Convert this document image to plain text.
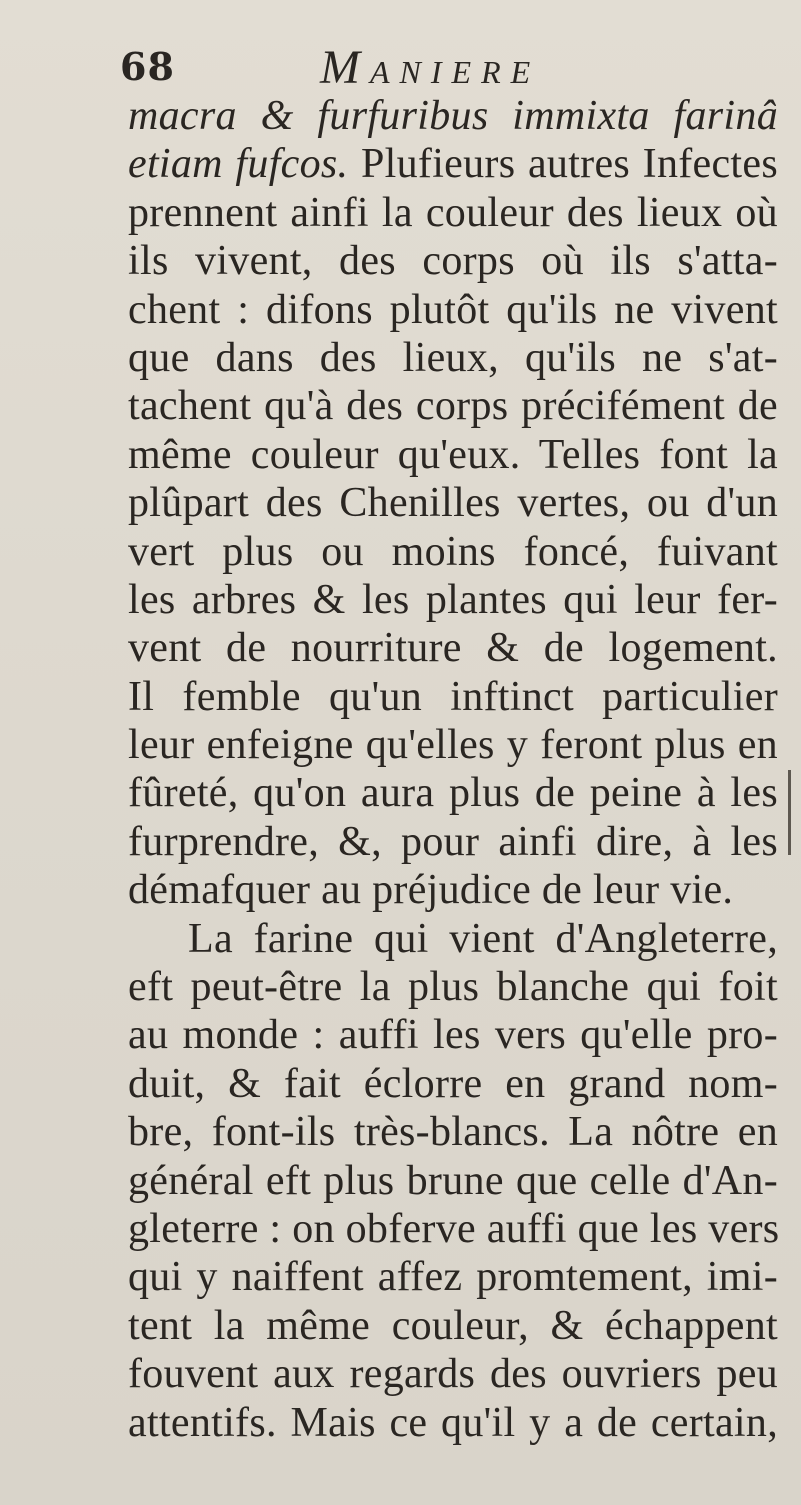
68	MANIERE
macra & furfuribus immixta farinâ
etiam fufcos. Plufieurs autres Infectes
prennent ainfi la couleur des lieux où
ils vivent, des corps où ils s'atta-
chent : difons plutôt qu'ils ne vivent
que dans des lieux, qu'ils ne s'at-
tachent qu'à des corps précifément de
même couleur qu'eux. Telles font la
plûpart des Chenilles vertes, ou d'un
vert plus ou moins foncé, fuivant
les arbres & les plantes qui leur fer-
vent de nourriture & de logement.
Il femble qu'un inftinct particulier
leur enfeigne qu'elles y feront plus en
fûreté, qu'on aura plus de peine à les
furprendre, &, pour ainfi dire, à les
démafquer au préjudice de leur vie.
La farine qui vient d'Angleterre,
eft peut-être la plus blanche qui foit
au monde : auffi les vers qu'elle pro-
duit, & fait éclorre en grand nom-
bre, font-ils très-blancs. La nôtre en
général eft plus brune que celle d'An-
gleterre : on obferve auffi que les vers
qui y naiffent affez promtement, imi-
tent la même couleur, & échappent
fouvent aux regards des ouvriers peu
attentifs. Mais ce qu'il y a de certain,
